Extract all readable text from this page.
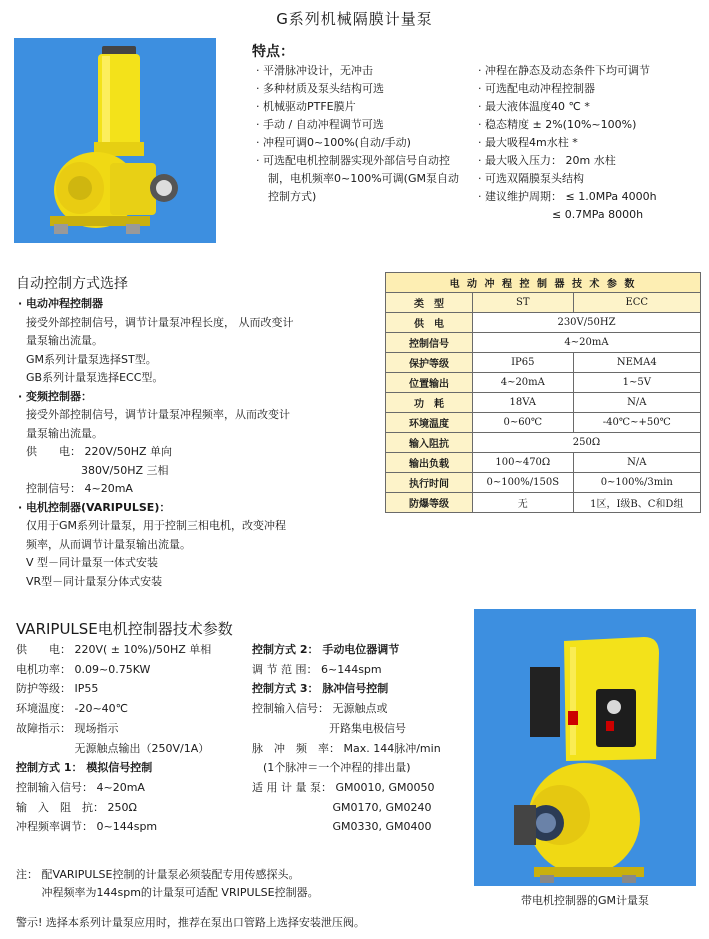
G系列机械隔膜计量泵
特点：
· 平滑脉冲设计，无冲击
· 多种材质及泵头结构可选
· 机械驱动PTFE膜片
· 手动 / 自动冲程调节可选
· 冲程可调0~100%(自动/手动)
· 可选配电机控制器实现外部信号自动控制，电机频率0~100%可调(GM泵自动控制方式)
· 冲程在静态及动态条件下均可调节
· 可选配电动冲程控制器
· 最大液体温度40 ℃ *
· 稳态精度 ± 2%(10%~100%)
· 最大吸程4m水柱 *
· 最大吸入压力： 20m 水柱
· 可选双隔膜泵头结构
· 建议维护周期： ≤ 1.0MPa 4000h
≤ 0.7MPa 8000h
自动控制方式选择
· 电动冲程控制器
接受外部控制信号，调节计量泵冲程长度， 从而改变计
量泵输出流量。
GM系列计量泵选择ST型。
GB系列计量泵选择ECC型。
· 变频控制器：
接受外部控制信号，调节计量泵冲程频率，从而改变计
量泵输出流量。
供　　电： 220V/50HZ 单向
　　　　　380V/50HZ 三相
控制信号： 4~20mA
· 电机控制器(VARIPULSE)：
仅用于GM系列计量泵，用于控制三相电机，改变冲程
频率，从而调节计量泵输出流量。
V 型－同计量泵一体式安装
VR型－同计量泵分体式安装
电 动 冲 程 控 制 器 技 术 参 数		
类　型	ST	ECC
供　电	230V/50HZ	
控制信号	4~20mA	
保护等级	IP65	NEMA4
位置输出	4~20mA	1~5V
功　耗	18VA	N/A
环境温度	0~60℃	-40℃~+50℃
输入阻抗	250Ω	
输出负载	100~470Ω	N/A
执行时间	0~100%/150S	0~100%/3min
防爆等级	无	1区，Ⅰ级B、C和D组
VARIPULSE电机控制器技术参数
供　　电： 220V( ± 10%)/50HZ 单相
电机功率： 0.09~0.75KW
防护等级： IP55
环境温度： -20~40℃
故障指示： 现场指示
　　　　　 无源触点输出（250V/1A）
控制方式 1： 模拟信号控制
控制输入信号： 4~20mA
输　入　阻　抗： 250Ω
冲程频率调节： 0~144spm
控制方式 2： 手动电位器调节
调 节 范 围： 6~144spm
控制方式 3： 脉冲信号控制
控制输入信号： 无源触点或
　　　　　　　开路集电极信号
脉　冲　频　率： Max. 144脉冲/min
　(1个脉冲＝一个冲程的排出量)
适 用 计 量 泵： GM0010, GM0050
　　　　　　　 GM0170, GM0240
　　　　　　　 GM0330, GM0400
带电机控制器的GM计量泵
注： 配VARIPULSE控制的计量泵必须装配专用传感探头。
　　 冲程频率为144spm的计量泵可适配 VRIPULSE控制器。
警示! 选择本系列计量泵应用时，推荐在泵出口管路上选择安装泄压阀。
